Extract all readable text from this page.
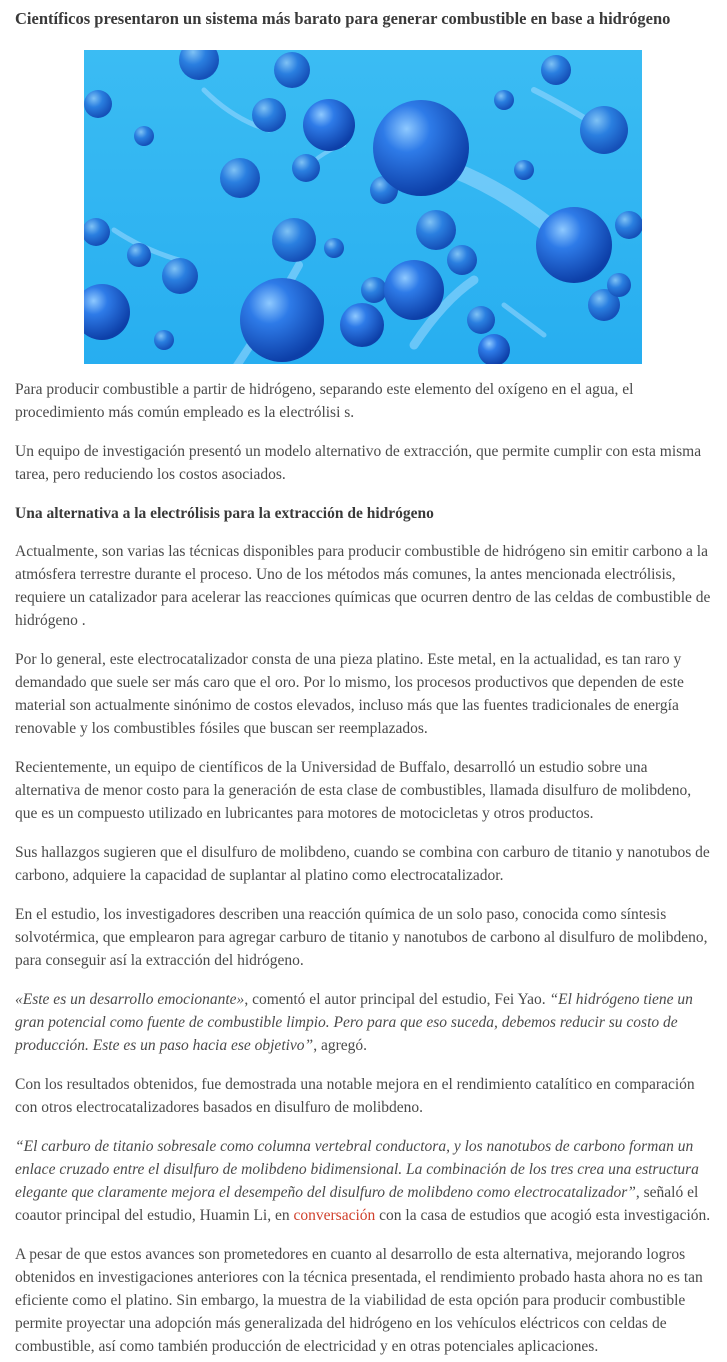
Científicos presentaron un sistema más barato para generar combustible en base a hidrógeno

Para producir combustible a partir de hidrógeno, separando este elemento del oxígeno en el agua, el procedimiento más común empleado es la electrólisi s.

Un equipo de investigación presentó un modelo alternativo de extracción, que permite cumplir con esta misma tarea, pero reduciendo los costos asociados.

Una alternativa a la electrólisis para la extracción de hidrógeno

Actualmente, son varias las técnicas disponibles para producir combustible de hidrógeno sin emitir carbono a la atmósfera terrestre durante el proceso. Uno de los métodos más comunes, la antes mencionada electrólisis, requiere un catalizador para acelerar las reacciones químicas que ocurren dentro de las celdas de combustible de hidrógeno .

Por lo general, este electrocatalizador consta de una pieza platino. Este metal, en la actualidad, es tan raro y demandado que suele ser más caro que el oro. Por lo mismo, los procesos productivos que dependen de este material son actualmente sinónimo de costos elevados, incluso más que las fuentes tradicionales de energía renovable y los combustibles fósiles que buscan ser reemplazados.

Recientemente, un equipo de científicos de la Universidad de Buffalo, desarrolló un estudio sobre una alternativa de menor costo para la generación de esta clase de combustibles, llamada disulfuro de molibdeno, que es un compuesto utilizado en lubricantes para motores de motocicletas y otros productos.

Sus hallazgos sugieren que el disulfuro de molibdeno, cuando se combina con carburo de titanio y nanotubos de carbono, adquiere la capacidad de suplantar al platino como electrocatalizador.

En el estudio, los investigadores describen una reacción química de un solo paso, conocida como síntesis solvotérmica, que emplearon para agregar carburo de titanio y nanotubos de carbono al disulfuro de molibdeno, para conseguir así la extracción del hidrógeno.

«Este es un desarrollo emocionante», comentó el autor principal del estudio, Fei Yao. “El hidrógeno tiene un gran potencial como fuente de combustible limpio. Pero para que eso suceda, debemos reducir su costo de producción. Este es un paso hacia ese objetivo”, agregó.

Con los resultados obtenidos, fue demostrada una notable mejora en el rendimiento catalítico en comparación con otros electrocatalizadores basados en disulfuro de molibdeno.

“El carburo de titanio sobresale como columna vertebral conductora, y los nanotubos de carbono forman un enlace cruzado entre el disulfuro de molibdeno bidimensional. La combinación de los tres crea una estructura elegante que claramente mejora el desempeño del disulfuro de molibdeno como electrocatalizador”, señaló el coautor principal del estudio, Huamin Li, en conversación con la casa de estudios que acogió esta investigación.

A pesar de que estos avances son prometedores en cuanto al desarrollo de esta alternativa, mejorando logros obtenidos en investigaciones anteriores con la técnica presentada, el rendimiento probado hasta ahora no es tan eficiente como el platino. Sin embargo, la muestra de la viabilidad de esta opción para producir combustible permite proyectar una adopción más generalizada del hidrógeno en los vehículos eléctricos con celdas de combustible, así como también producción de electricidad y en otras potenciales aplicaciones.
